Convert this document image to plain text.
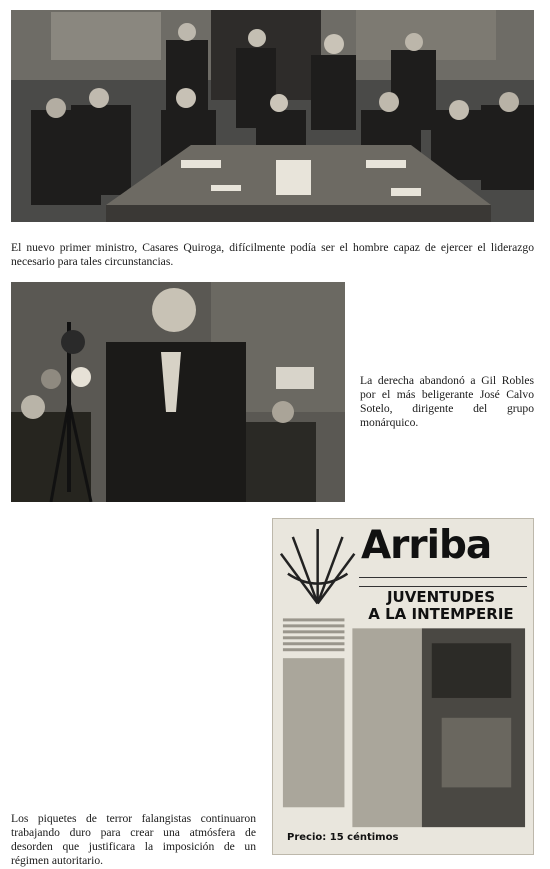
El nuevo primer ministro, Casares Quiroga, difícilmente podía ser el hombre capaz de ejercer el liderazgo necesario para tales circunstancias.

La derecha abandonó a Gil Robles por el más beligerante José Calvo Sotelo, dirigente del grupo monárquico.

Arriba
JUVENTUDES
A LA INTEMPERIE
Precio: 15 céntimos

Los piquetes de terror falangistas continuaron trabajando duro para crear una atmósfera de desorden que justificara la imposición de un régimen autoritario.
